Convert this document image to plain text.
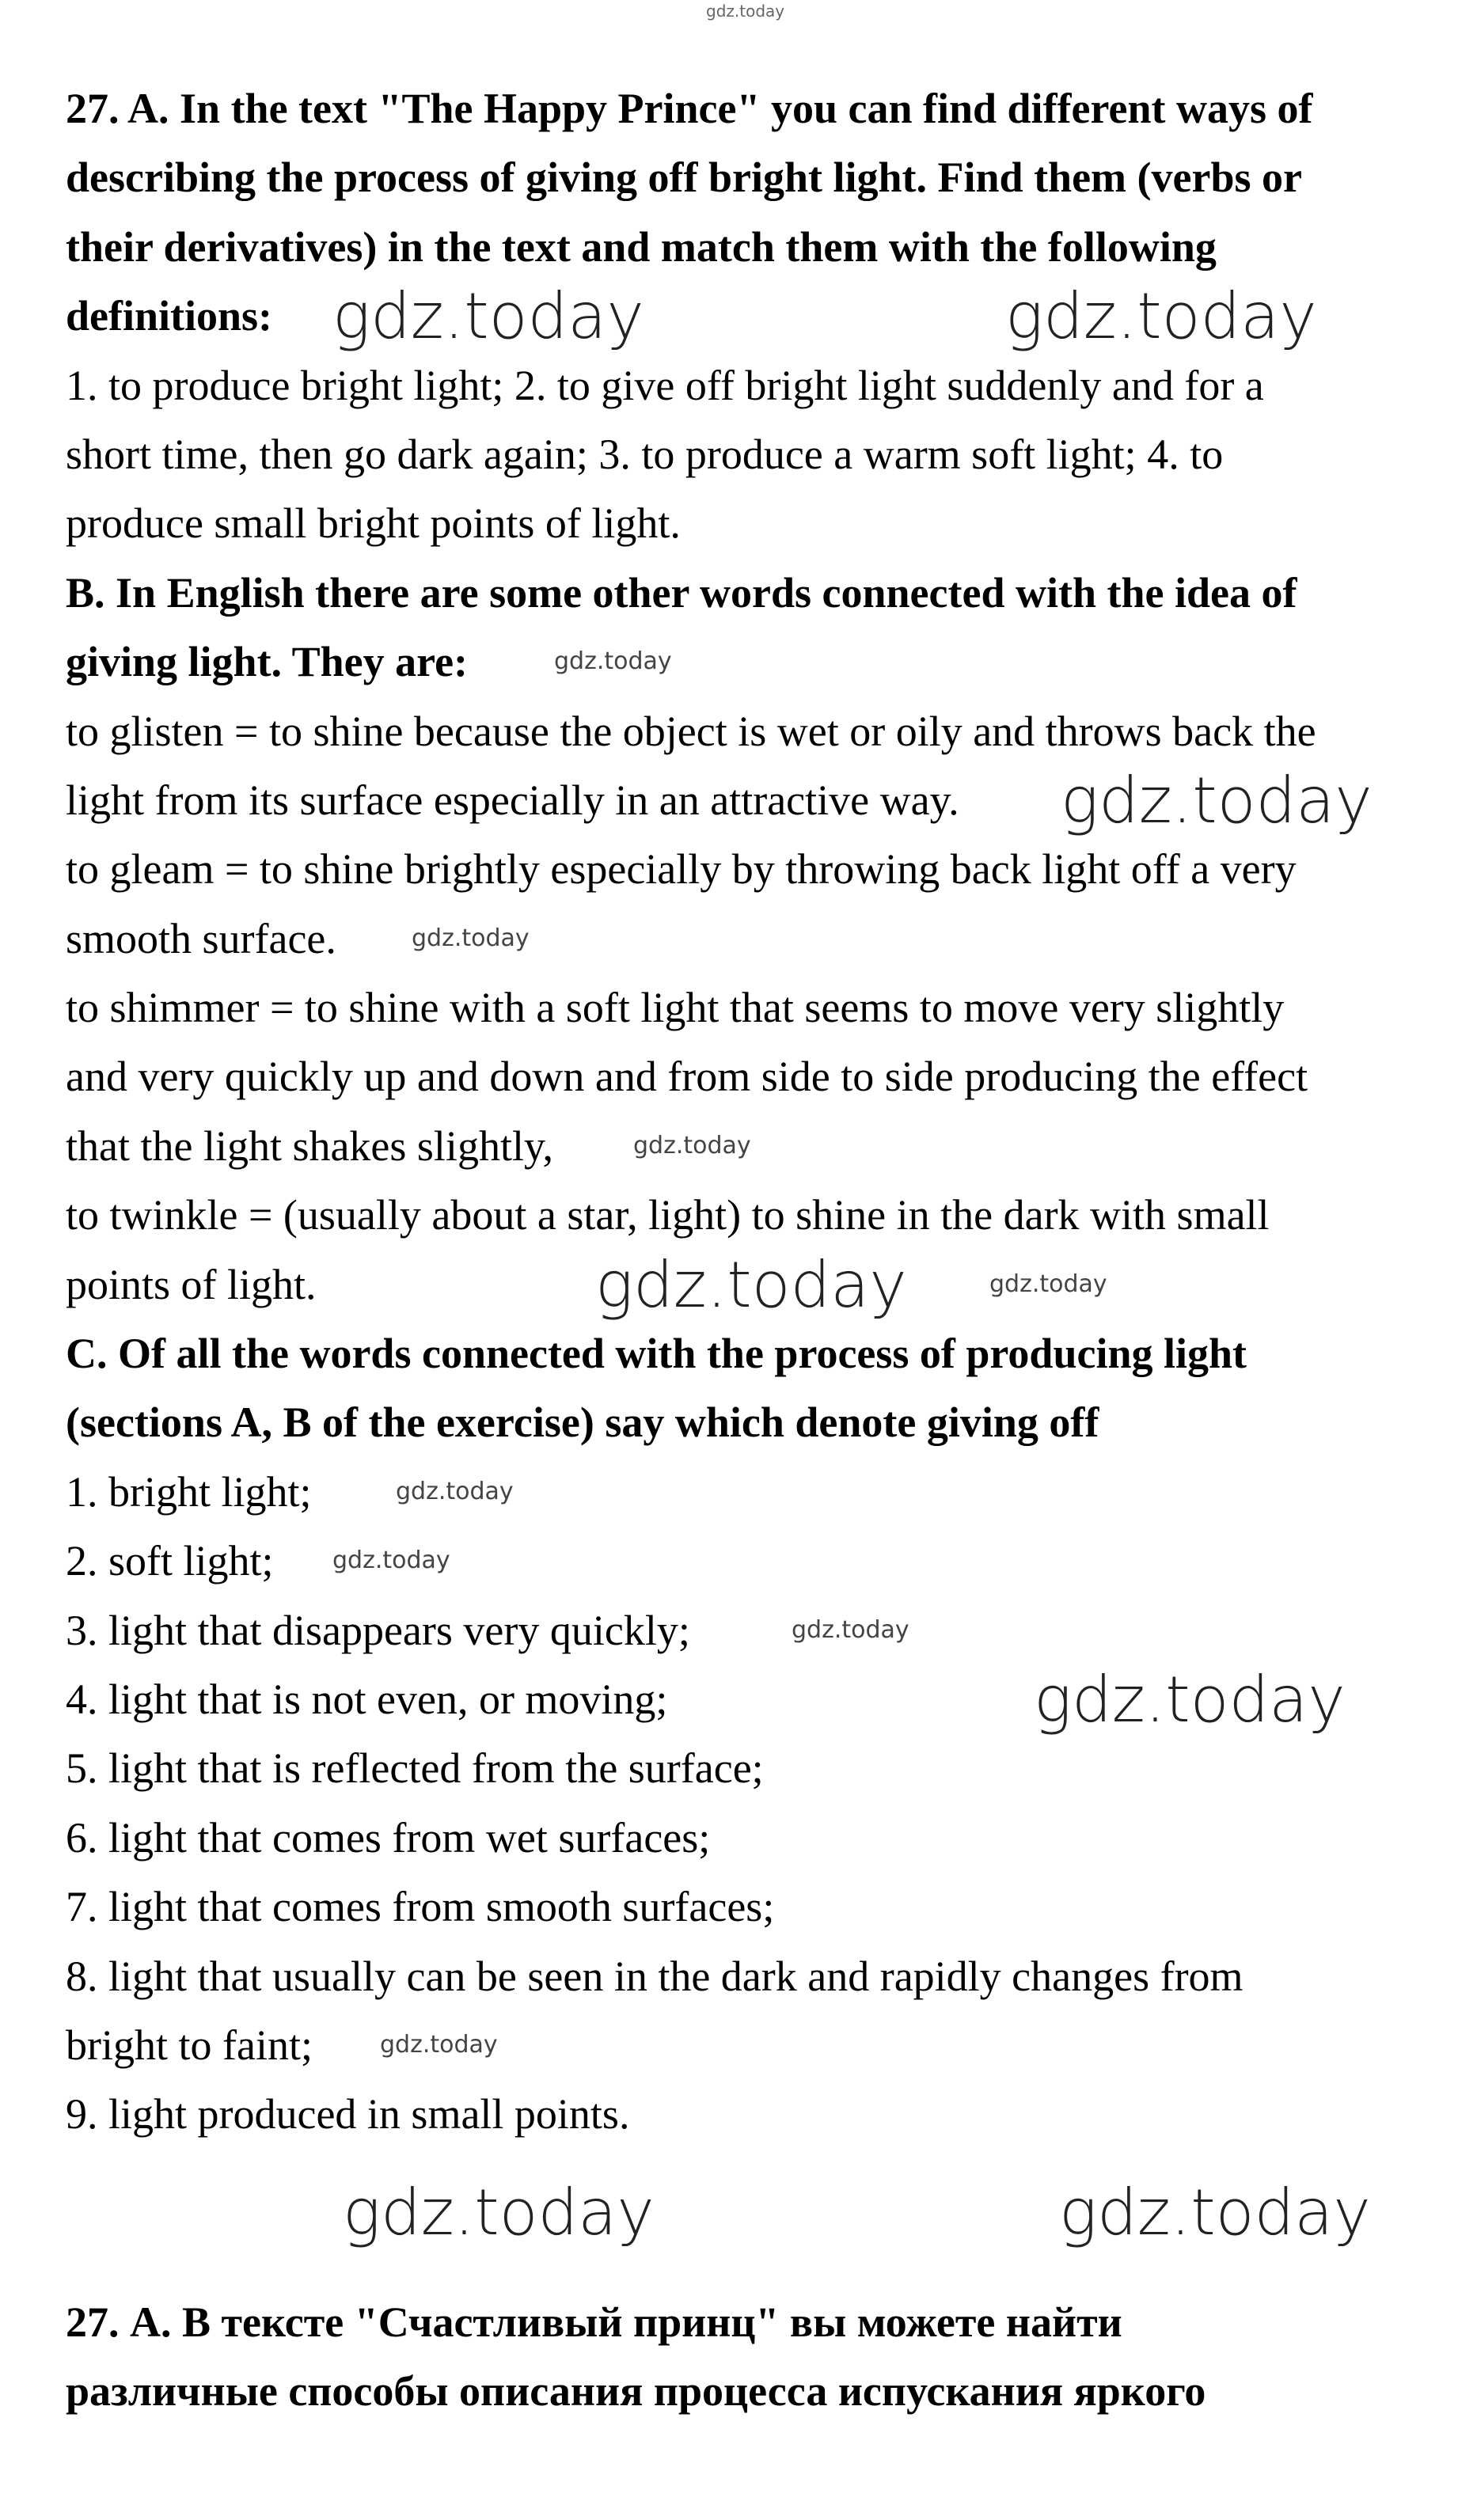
27. A. In the text "The Happy Prince" you can find different ways of
describing the process of giving off bright light. Find them (verbs or
their derivatives) in the text and match them with the following
definitions:
1. to produce bright light; 2. to give off bright light suddenly and for a
short time, then go dark again; 3. to produce a warm soft light; 4. to
produce small bright points of light.
B. In English there are some other words connected with the idea of
giving light. They are:
to glisten = to shine because the object is wet or oily and throws back the
light from its surface especially in an attractive way.
to gleam = to shine brightly especially by throwing back light off a very
smooth surface.
to shimmer = to shine with a soft light that seems to move very slightly
and very quickly up and down and from side to side producing the effect
that the light shakes slightly,
to twinkle = (usually about a star, light) to shine in the dark with small
points of light.
C. Of all the words connected with the process of producing light
(sections A, B of the exercise) say which denote giving off
1. bright light;
2. soft light;
3. light that disappears very quickly;
4. light that is not even, or moving;
5. light that is reflected from the surface;
6. light that comes from wet surfaces;
7. light that comes from smooth surfaces;
8. light that usually can be seen in the dark and rapidly changes from
bright to faint;
9. light produced in small points.
27. А. В тексте "Счастливый принц" вы можете найти
различные способы описания процесса испускания яркого
gdz.today
gdz.today	gdz.today
gdz.today
gdz.today
gdz.today
gdz.today	gdz.today
gdz.today
gdz.today
gdz.today
gdz.today
gdz.today
gdz.today
gdz.today
gdz.today
